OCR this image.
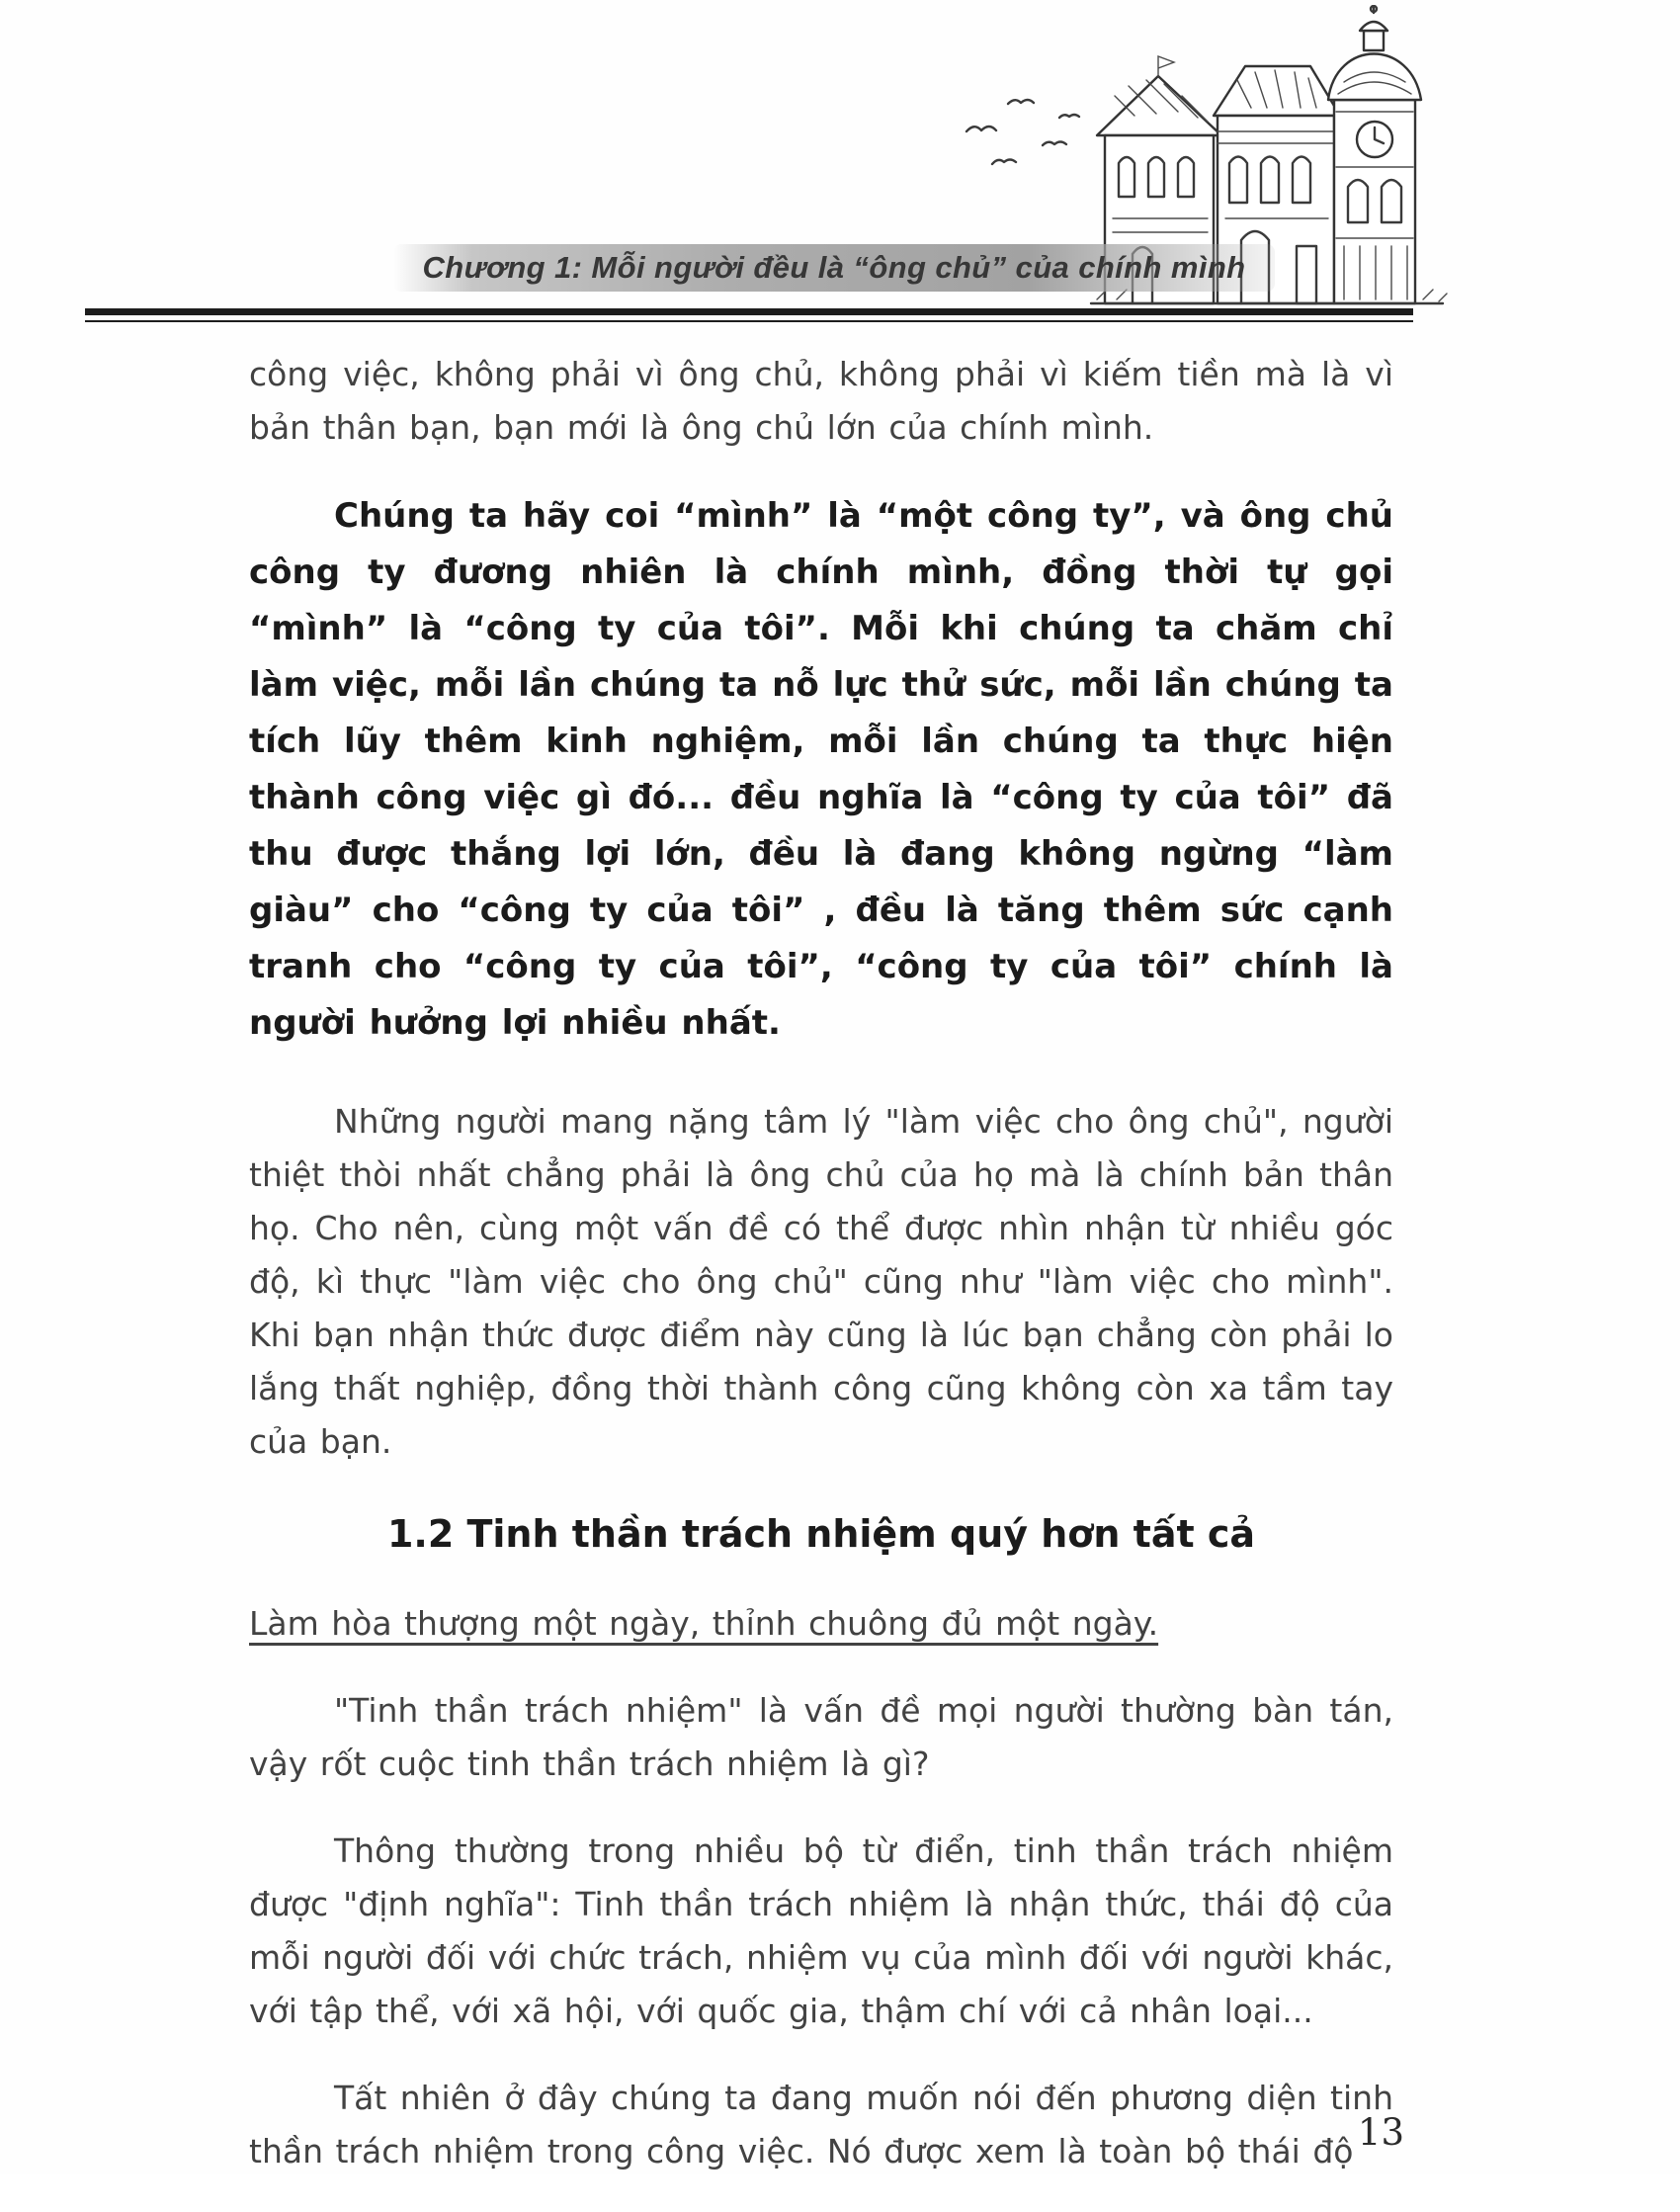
Chương 1: Mỗi người đều là “ông chủ” của chính mình

công việc, không phải vì ông chủ, không phải vì kiếm tiền mà là vì bản thân bạn, bạn mới là ông chủ lớn của chính mình.

Chúng ta hãy coi “mình” là “một công ty”, và ông chủ công ty đương nhiên là chính mình, đồng thời tự gọi “mình” là “công ty của tôi”. Mỗi khi chúng ta chăm chỉ làm việc, mỗi lần chúng ta nỗ lực thử sức, mỗi lần chúng ta tích lũy thêm kinh nghiệm, mỗi lần chúng ta thực hiện thành công việc gì đó... đều nghĩa là “công ty của tôi” đã thu được thắng lợi lớn, đều là đang không ngừng “làm giàu” cho “công ty của tôi” , đều là tăng thêm sức cạnh tranh cho “công ty của tôi”, “công ty của tôi” chính là người hưởng lợi nhiều nhất.

Những người mang nặng tâm lý "làm việc cho ông chủ", người thiệt thòi nhất chẳng phải là ông chủ của họ mà là chính bản thân họ. Cho nên, cùng một vấn đề có thể được nhìn nhận từ nhiều góc độ, kì thực "làm việc cho ông chủ" cũng như "làm việc cho mình". Khi bạn nhận thức được điểm này cũng là lúc bạn chẳng còn phải lo lắng thất nghiệp, đồng thời thành công cũng không còn xa tầm tay của bạn.

1.2 Tinh thần trách nhiệm quý hơn tất cả

Làm hòa thượng một ngày, thỉnh chuông đủ một ngày.

"Tinh thần trách nhiệm" là vấn đề mọi người thường bàn tán, vậy rốt cuộc tinh thần trách nhiệm là gì?

Thông thường trong nhiều bộ từ điển, tinh thần trách nhiệm được "định nghĩa": Tinh thần trách nhiệm là nhận thức, thái độ của mỗi người đối với chức trách, nhiệm vụ của mình đối với người khác, với tập thể, với xã hội, với quốc gia, thậm chí với cả nhân loại...

Tất nhiên ở đây chúng ta đang muốn nói đến phương diện tinh thần trách nhiệm trong công việc. Nó được xem là toàn bộ thái độ 13
